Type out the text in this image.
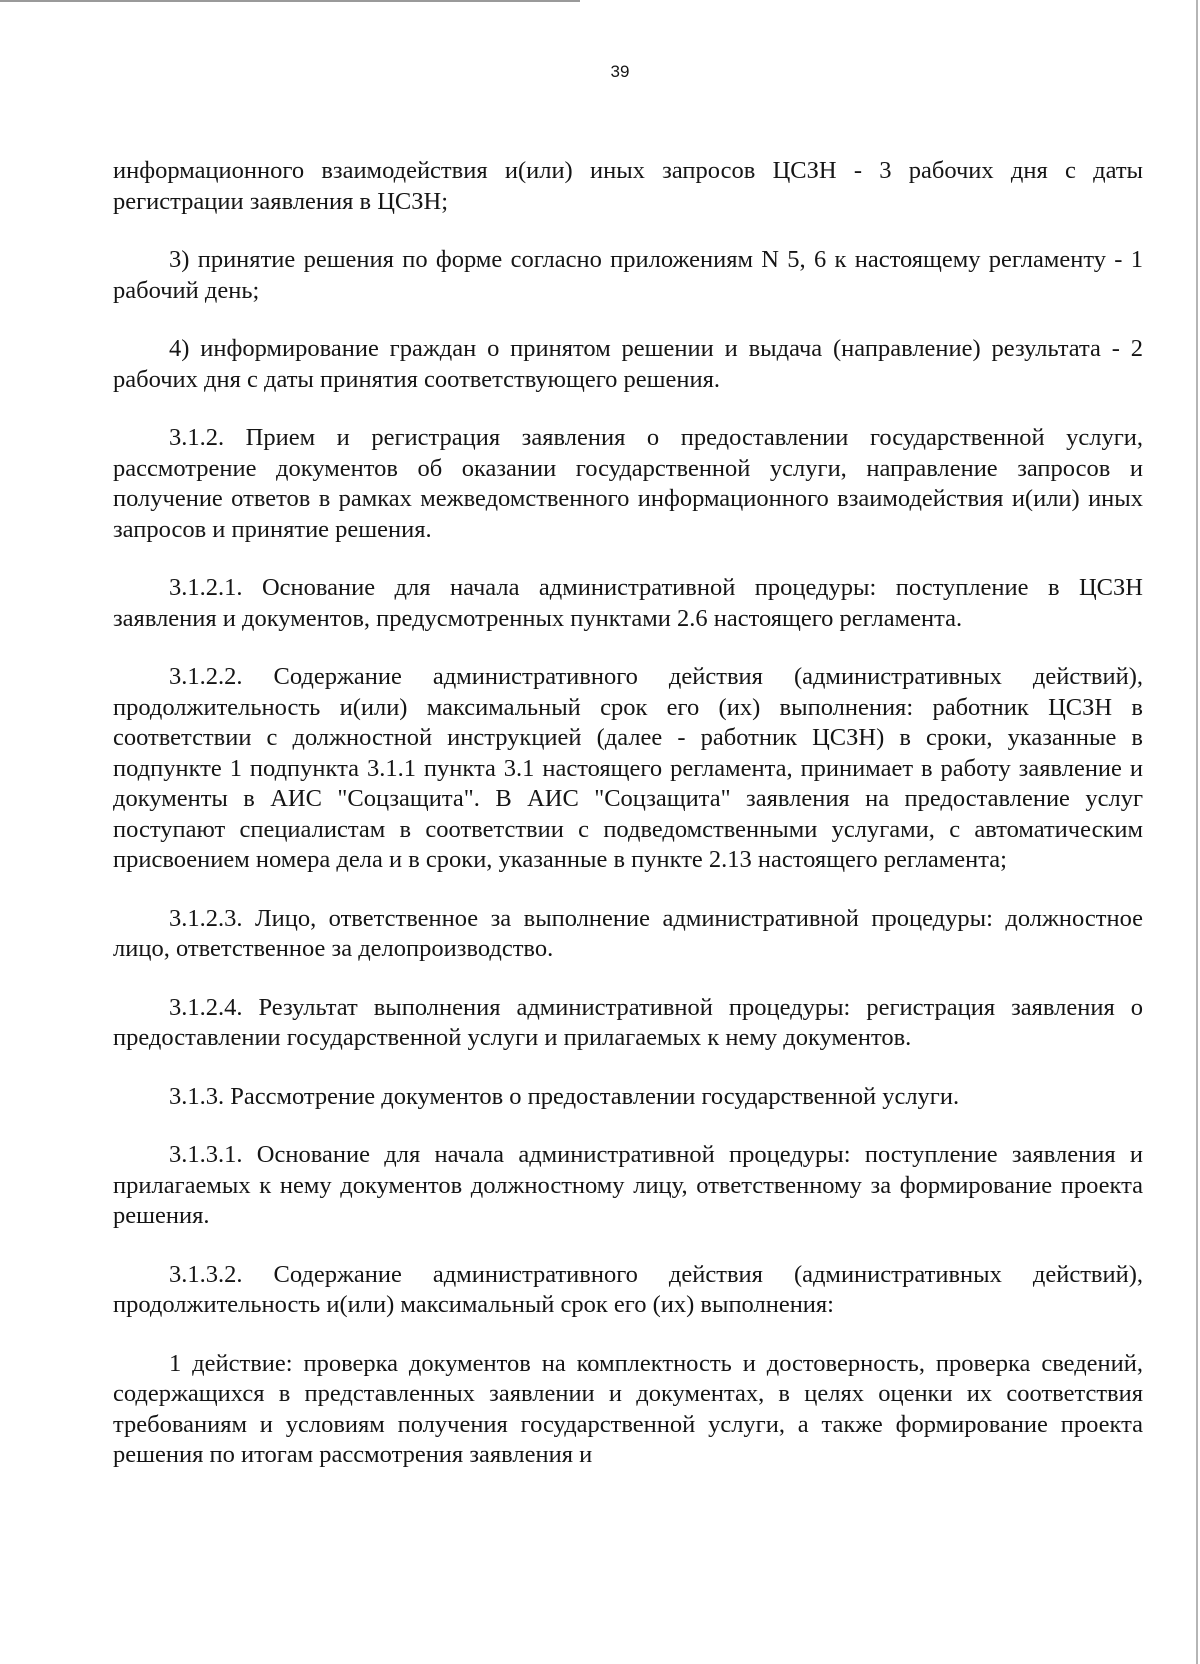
39

информационного взаимодействия и(или) иных запросов ЦСЗН - 3 рабочих дня с даты регистрации заявления в ЦСЗН;

3) принятие решения по форме согласно приложениям N 5, 6 к настоящему регламенту - 1 рабочий день;

4) информирование граждан о принятом решении и выдача (направление) результата - 2 рабочих дня с даты принятия соответствующего решения.

3.1.2. Прием и регистрация заявления о предоставлении государственной услуги, рассмотрение документов об оказании государственной услуги, направление запросов и получение ответов в рамках межведомственного информационного взаимодействия и(или) иных запросов и принятие решения.

3.1.2.1. Основание для начала административной процедуры: поступление в ЦСЗН заявления и документов, предусмотренных пунктами 2.6 настоящего регламента.

3.1.2.2. Содержание административного действия (административных действий), продолжительность и(или) максимальный срок его (их) выполнения: работник ЦСЗН в соответствии с должностной инструкцией (далее - работник ЦСЗН) в сроки, указанные в подпункте 1 подпункта 3.1.1 пункта 3.1 настоящего регламента, принимает в работу заявление и документы в АИС "Соцзащита". В АИС "Соцзащита" заявления на предоставление услуг поступают специалистам в соответствии с подведомственными услугами, с автоматическим присвоением номера дела и в сроки, указанные в пункте 2.13 настоящего регламента;

3.1.2.3. Лицо, ответственное за выполнение административной процедуры: должностное лицо, ответственное за делопроизводство.

3.1.2.4. Результат выполнения административной процедуры: регистрация заявления о предоставлении государственной услуги и прилагаемых к нему документов.

3.1.3. Рассмотрение документов о предоставлении государственной услуги.

3.1.3.1. Основание для начала административной процедуры: поступление заявления и прилагаемых к нему документов должностному лицу, ответственному за формирование проекта решения.

3.1.3.2. Содержание административного действия (административных действий), продолжительность и(или) максимальный срок его (их) выполнения:

1 действие: проверка документов на комплектность и достоверность, проверка сведений, содержащихся в представленных заявлении и документах, в целях оценки их соответствия требованиям и условиям получения государственной услуги, а также формирование проекта решения по итогам рассмотрения заявления и
